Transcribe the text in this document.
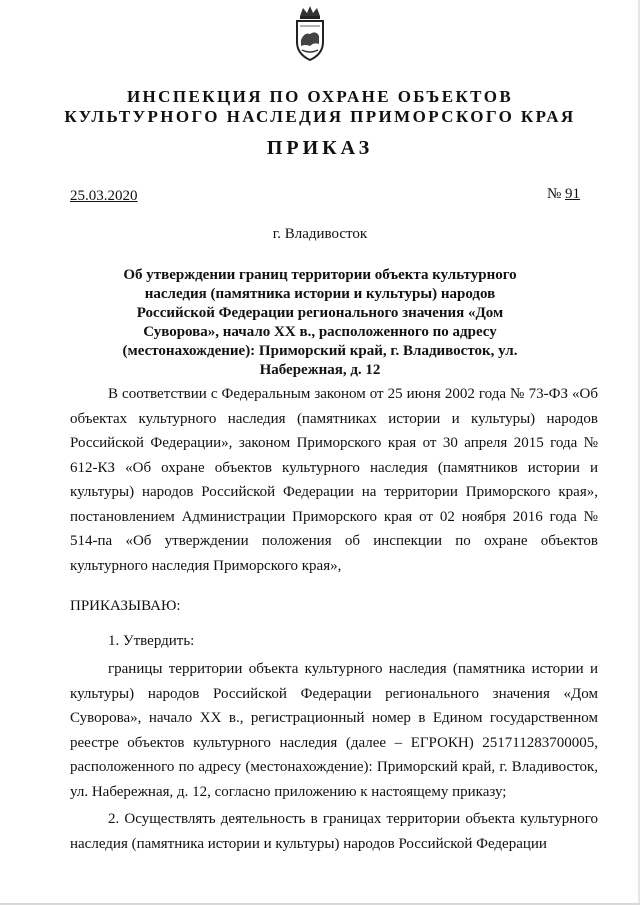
ИНСПЕКЦИЯ ПО ОХРАНЕ ОБЪЕКТОВ
КУЛЬТУРНОГО НАСЛЕДИЯ ПРИМОРСКОГО КРАЯ
ПРИКАЗ
25.03.2020	№ 91
г. Владивосток
Об утверждении границ территории объекта культурного наследия (памятника истории и культуры) народов Российской Федерации регионального значения «Дом Суворова», начало XX в., расположенного по адресу (местонахождение): Приморский край, г. Владивосток, ул. Набережная, д. 12

В соответствии с Федеральным законом от 25 июня 2002 года № 73-ФЗ «Об объектах культурного наследия (памятниках истории и культуры) народов Российской Федерации», законом Приморского края от 30 апреля 2015 года № 612-КЗ «Об охране объектов культурного наследия (памятников истории и культуры) народов Российской Федерации на территории Приморского края», постановлением Администрации Приморского края от 02 ноября 2016 года № 514-па «Об утверждении положения об инспекции по охране объектов культурного наследия Приморского края»,

ПРИКАЗЫВАЮ:
1. Утвердить:

границы территории объекта культурного наследия (памятника истории и культуры) народов Российской Федерации регионального значения «Дом Суворова», начало XX в., регистрационный номер в Едином государственном реестре объектов культурного наследия (далее – ЕГРОКН) 251711283700005, расположенного по адресу (местонахождение): Приморский край, г. Владивосток, ул. Набережная, д. 12, согласно приложению к настоящему приказу;

2. Осуществлять деятельность в границах территории объекта культурного наследия (памятника истории и культуры) народов Российской Федерации
